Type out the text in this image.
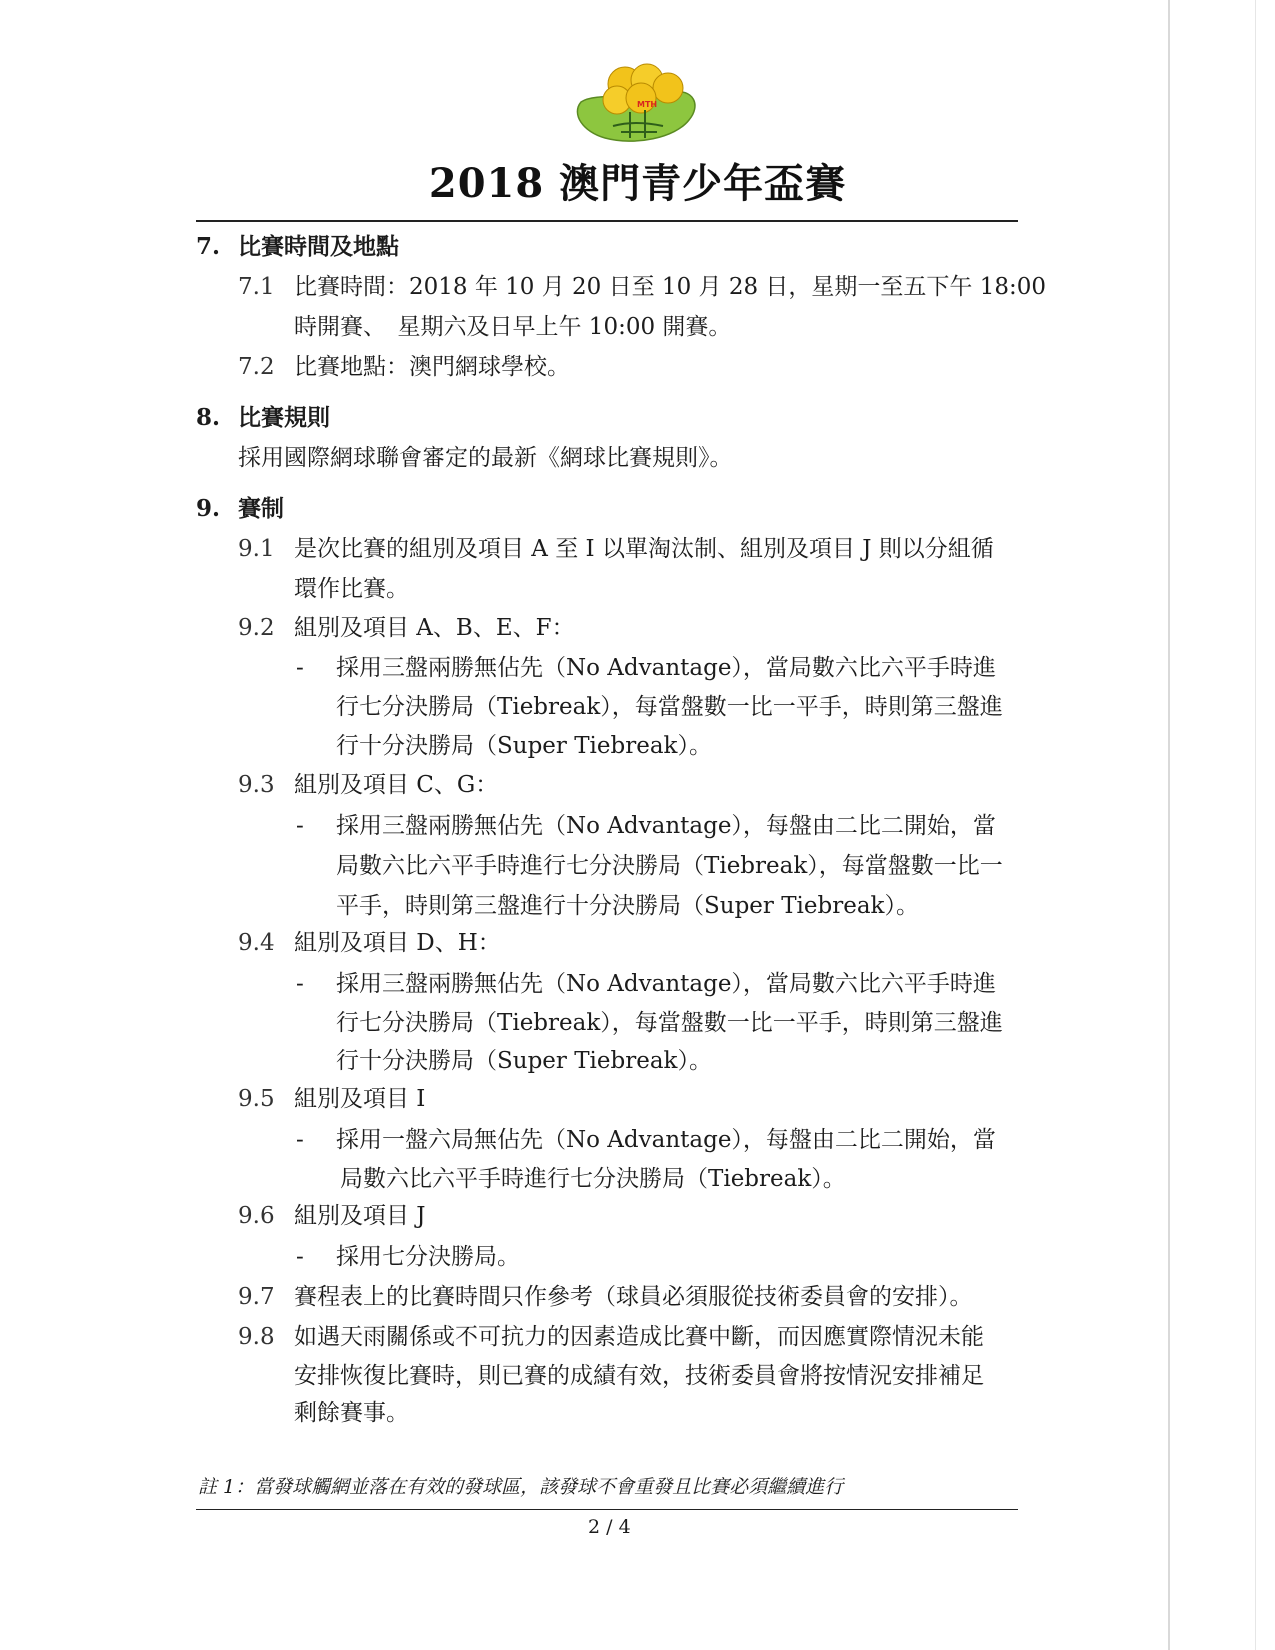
MTH
2018 澳門青少年盃賽
7. 比賽時間及地點
7.1 比賽時間：2018 年 10 月 20 日至 10 月 28 日，星期一至五下午 18:00
時開賽、　星期六及日早上午 10:00 開賽。
7.2 比賽地點：澳門網球學校。
8. 比賽規則
採用國際網球聯會審定的最新《網球比賽規則》。
9. 賽制
9.1 是次比賽的組別及項目 A 至 I 以單淘汰制、組別及項目 J 則以分組循
環作比賽。
9.2 組別及項目 A、B、E、F：
- 採用三盤兩勝無佔先（No Advantage），當局數六比六平手時進
行七分決勝局（Tiebreak），每當盤數一比一平手，時則第三盤進
行十分決勝局（Super Tiebreak）。
9.3 組別及項目 C、G：
- 採用三盤兩勝無佔先（No Advantage），每盤由二比二開始，當
局數六比六平手時進行七分決勝局（Tiebreak），每當盤數一比一
平手，時則第三盤進行十分決勝局（Super Tiebreak）。
9.4 組別及項目 D、H：
- 採用三盤兩勝無佔先（No Advantage），當局數六比六平手時進
行七分決勝局（Tiebreak），每當盤數一比一平手，時則第三盤進
行十分決勝局（Super Tiebreak）。
9.5 組別及項目 I
- 採用一盤六局無佔先（No Advantage），每盤由二比二開始，當
局數六比六平手時進行七分決勝局（Tiebreak）。
9.6 組別及項目 J
- 採用七分決勝局。
9.7 賽程表上的比賽時間只作參考（球員必須服從技術委員會的安排）。
9.8 如遇天雨關係或不可抗力的因素造成比賽中斷，而因應實際情況未能
安排恢復比賽時，則已賽的成績有效，技術委員會將按情況安排補足
剩餘賽事。
註 1：當發球觸網並落在有效的發球區，該發球不會重發且比賽必須繼續進行
2 / 4
